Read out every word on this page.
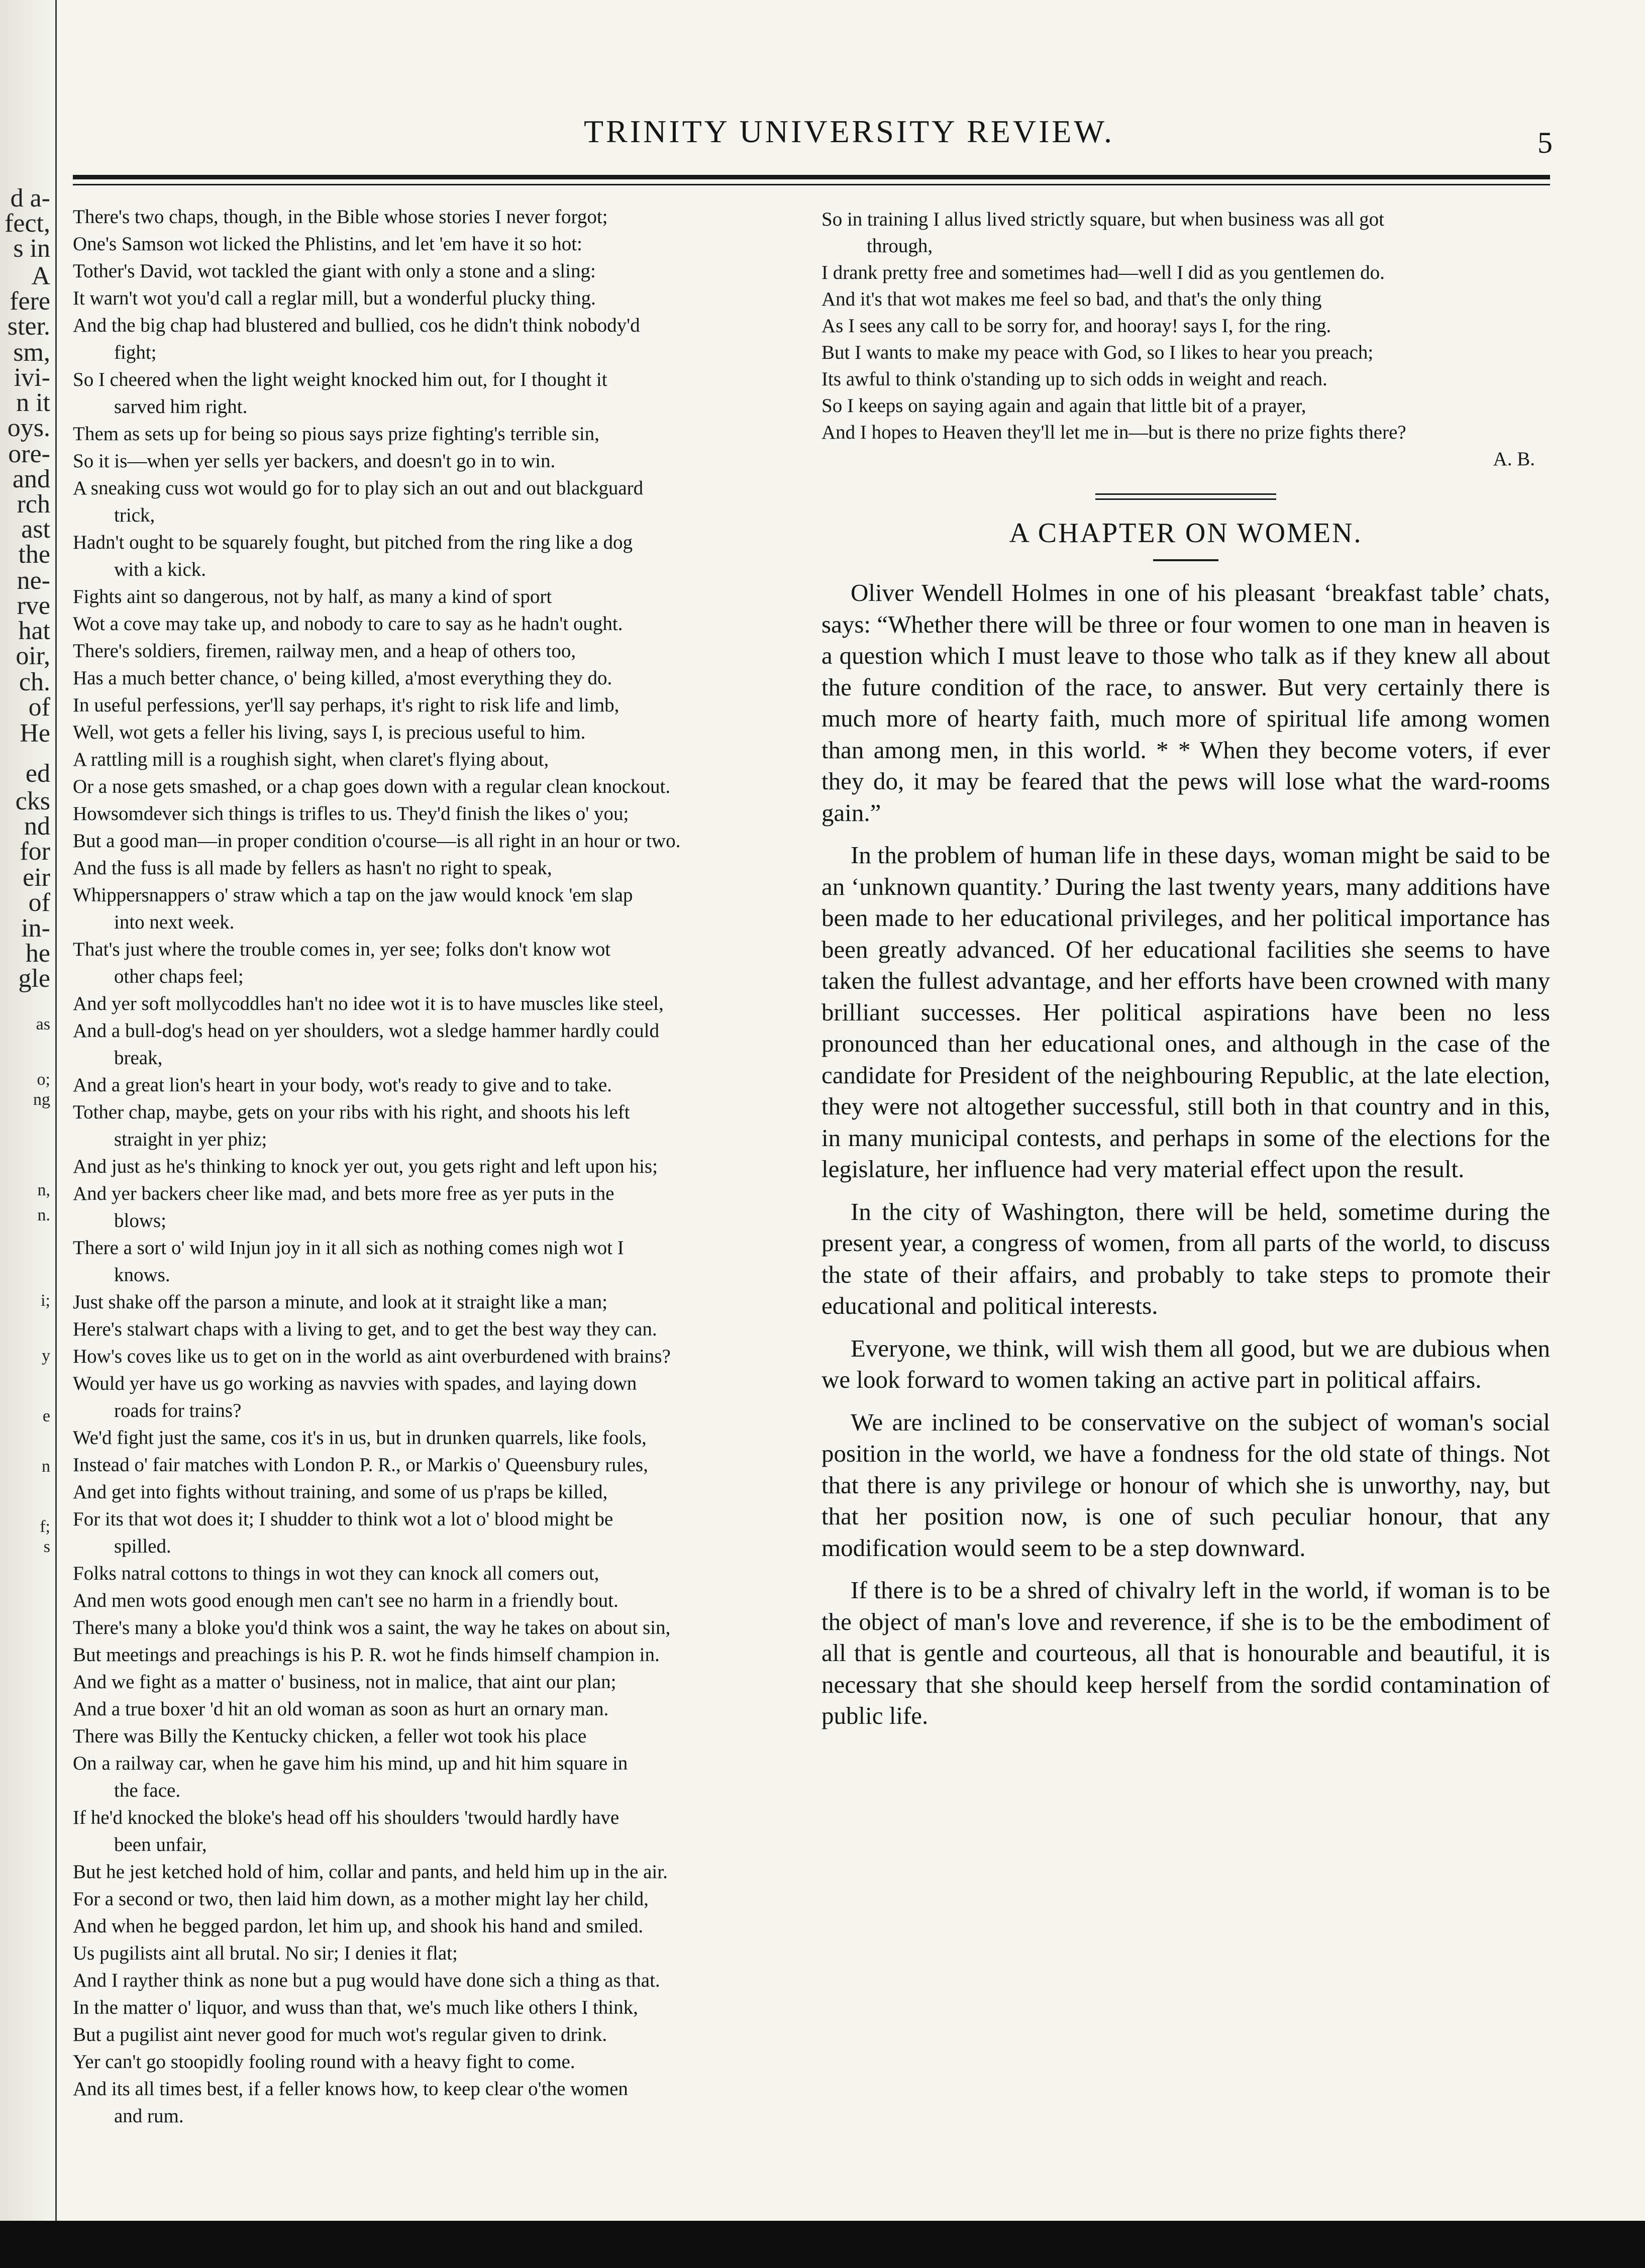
d a-
fect,
s in
A
fere
ster.
sm,
ivi-
n it
oys.
ore-
and
rch
ast
the
ne-
rve
hat
oir,
ch.
of
He
ed
cks
nd
for
eir
of
in-
he
gle
as
o;
ng
n,
n.
i;
y
e
n
f;
s
TRINITY UNIVERSITY REVIEW.	5
There's two chaps, though, in the Bible whose stories I never forgot;
One's Samson wot licked the Phlistins, and let 'em have it so hot:
Tother's David, wot tackled the giant with only a stone and a sling:
It warn't wot you'd call a reglar mill, but a wonderful plucky thing.
And the big chap had blustered and bullied, cos he didn't think nobody'd
fight;
So I cheered when the light weight knocked him out, for I thought it
sarved him right.
Them as sets up for being so pious says prize fighting's terrible sin,
So it is—when yer sells yer backers, and doesn't go in to win.
A sneaking cuss wot would go for to play sich an out and out blackguard
trick,
Hadn't ought to be squarely fought, but pitched from the ring like a dog
with a kick.
Fights aint so dangerous, not by half, as many a kind of sport
Wot a cove may take up, and nobody to care to say as he hadn't ought.
There's soldiers, firemen, railway men, and a heap of others too,
Has a much better chance, o' being killed, a'most everything they do.
In useful perfessions, yer'll say perhaps, it's right to risk life and limb,
Well, wot gets a feller his living, says I, is precious useful to him.
A rattling mill is a roughish sight, when claret's flying about,
Or a nose gets smashed, or a chap goes down with a regular clean knockout.
Howsomdever sich things is trifles to us. They'd finish the likes o' you;
But a good man—in proper condition o'course—is all right in an hour or two.
And the fuss is all made by fellers as hasn't no right to speak,
Whippersnappers o' straw which a tap on the jaw would knock 'em slap
into next week.
That's just where the trouble comes in, yer see; folks don't know wot
other chaps feel;
And yer soft mollycoddles han't no idee wot it is to have muscles like steel,
And a bull-dog's head on yer shoulders, wot a sledge hammer hardly could
break,
And a great lion's heart in your body, wot's ready to give and to take.
Tother chap, maybe, gets on your ribs with his right, and shoots his left
straight in yer phiz;
And just as he's thinking to knock yer out, you gets right and left upon his;
And yer backers cheer like mad, and bets more free as yer puts in the
blows;
There a sort o' wild Injun joy in it all sich as nothing comes nigh wot I
knows.
Just shake off the parson a minute, and look at it straight like a man;
Here's stalwart chaps with a living to get, and to get the best way they can.
How's coves like us to get on in the world as aint overburdened with brains?
Would yer have us go working as navvies with spades, and laying down
roads for trains?
We'd fight just the same, cos it's in us, but in drunken quarrels, like fools,
Instead o' fair matches with London P. R., or Markis o' Queensbury rules,
And get into fights without training, and some of us p'raps be killed,
For its that wot does it; I shudder to think wot a lot o' blood might be
spilled.
Folks natral cottons to things in wot they can knock all comers out,
And men wots good enough men can't see no harm in a friendly bout.
There's many a bloke you'd think wos a saint, the way he takes on about sin,
But meetings and preachings is his P. R. wot he finds himself champion in.
And we fight as a matter o' business, not in malice, that aint our plan;
And a true boxer 'd hit an old woman as soon as hurt an ornary man.
There was Billy the Kentucky chicken, a feller wot took his place
On a railway car, when he gave him his mind, up and hit him square in
the face.
If he'd knocked the bloke's head off his shoulders 'twould hardly have
been unfair,
But he jest ketched hold of him, collar and pants, and held him up in the air.
For a second or two, then laid him down, as a mother might lay her child,
And when he begged pardon, let him up, and shook his hand and smiled.
Us pugilists aint all brutal. No sir; I denies it flat;
And I rayther think as none but a pug would have done sich a thing as that.
In the matter o' liquor, and wuss than that, we's much like others I think,
But a pugilist aint never good for much wot's regular given to drink.
Yer can't go stoopidly fooling round with a heavy fight to come.
And its all times best, if a feller knows how, to keep clear o'the women
and rum.
So in training I allus lived strictly square, but when business was all got
through,
I drank pretty free and sometimes had—well I did as you gentlemen do.
And it's that wot makes me feel so bad, and that's the only thing
As I sees any call to be sorry for, and hooray! says I, for the ring.
But I wants to make my peace with God, so I likes to hear you preach;
Its awful to think o'standing up to sich odds in weight and reach.
So I keeps on saying again and again that little bit of a prayer,
And I hopes to Heaven they'll let me in—but is there no prize fights there?
A. B.
A CHAPTER ON WOMEN.

Oliver Wendell Holmes in one of his pleasant ‘breakfast table’ chats, says: “Whether there will be three or four women to one man in heaven is a question which I must leave to those who talk as if they knew all about the future condition of the race, to answer. But very certainly there is much more of hearty faith, much more of spiritual life among women than among men, in this world. * * When they become voters, if ever they do, it may be feared that the pews will lose what the ward-rooms gain.”

In the problem of human life in these days, woman might be said to be an ‘unknown quantity.’ During the last twenty years, many additions have been made to her educational privileges, and her political importance has been greatly advanced. Of her educational facilities she seems to have taken the fullest advantage, and her efforts have been crowned with many brilliant successes. Her political aspirations have been no less pronounced than her educational ones, and although in the case of the candidate for President of the neighbouring Republic, at the late election, they were not altogether successful, still both in that country and in this, in many municipal contests, and perhaps in some of the elections for the legislature, her influence had very material effect upon the result.

In the city of Washington, there will be held, sometime during the present year, a congress of women, from all parts of the world, to discuss the state of their affairs, and probably to take steps to promote their educational and political interests.

Everyone, we think, will wish them all good, but we are dubious when we look forward to women taking an active part in political affairs.

We are inclined to be conservative on the subject of woman's social position in the world, we have a fondness for the old state of things. Not that there is any privilege or honour of which she is unworthy, nay, but that her position now, is one of such peculiar honour, that any modification would seem to be a step downward.

If there is to be a shred of chivalry left in the world, if woman is to be the object of man's love and reverence, if she is to be the embodiment of all that is gentle and courteous, all that is honourable and beautiful, it is necessary that she should keep herself from the sordid contamination of public life.
